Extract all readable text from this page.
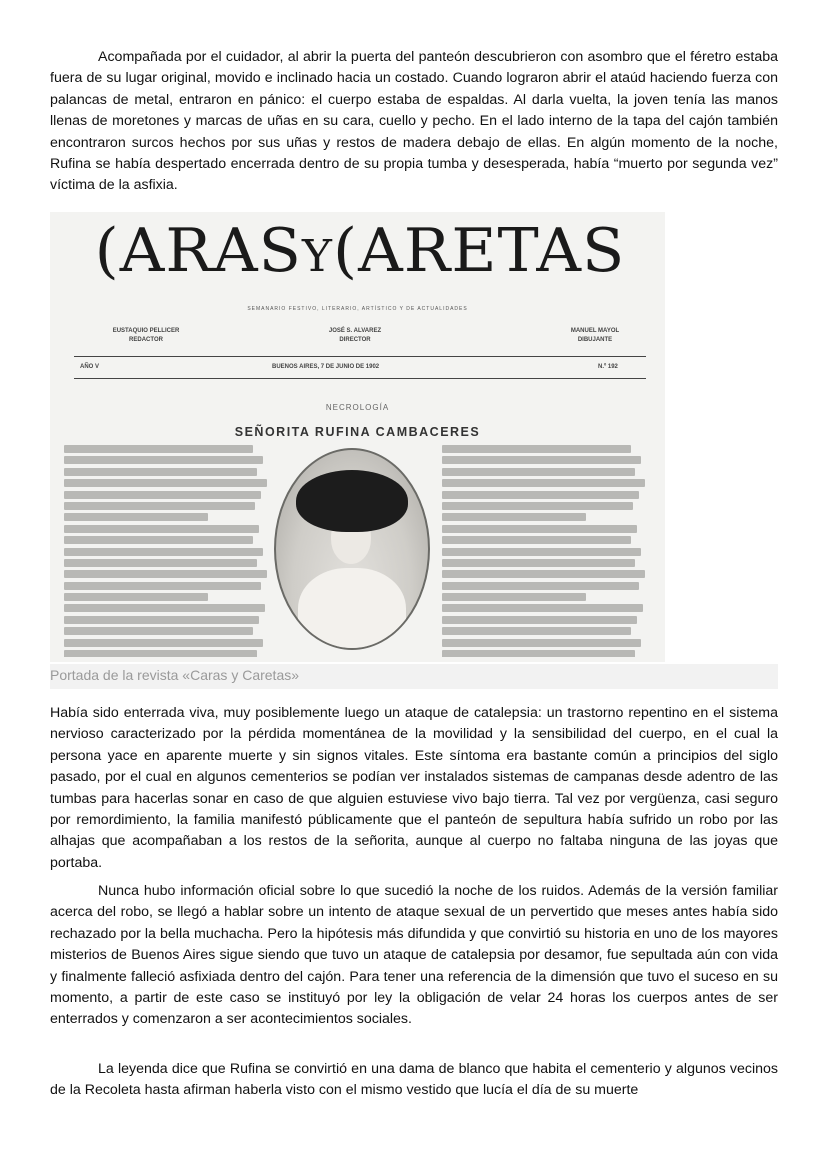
Acompañada por el cuidador, al abrir la puerta del panteón descubrieron con asombro que el féretro estaba fuera de su lugar original, movido e inclinado hacia un costado. Cuando lograron abrir el ataúd haciendo fuerza con palancas de metal, entraron en pánico: el cuerpo estaba de espaldas. Al darla vuelta, la joven tenía las manos llenas de moretones y marcas de uñas en su cara, cuello y pecho. En el lado interno de la tapa del cajón también encontraron surcos hechos por sus uñas y restos de madera debajo de ellas. En algún momento de la noche, Rufina se había despertado encerrada dentro de su propia tumba y desesperada, había “muerto por segunda vez” víctima de la asfixia.

(ARASY(ARETAS
SEMANARIO FESTIVO, LITERARIO, ARTÍSTICO Y DE ACTUALIDADES
EUSTAQUIO PELLICER
REDACTOR
JOSÉ S. ALVAREZ
DIRECTOR
MANUEL MAYOL
DIBUJANTE
AÑO V	BUENOS AIRES, 7 DE JUNIO DE 1902	N.º 192
NECROLOGÍA
SEÑORITA RUFINA CAMBACERES
Portada de la revista «Caras y Caretas»

Había sido enterrada viva, muy posiblemente luego un ataque de catalepsia: un trastorno repentino en el sistema nervioso caracterizado por la pérdida momentánea de la movilidad y la sensibilidad del cuerpo, en el cual la persona yace en aparente muerte y sin signos vitales. Este síntoma era bastante común a principios del siglo pasado, por el cual en algunos cementerios se podían ver instalados sistemas de campanas desde adentro de las tumbas para hacerlas sonar en caso de que alguien estuviese vivo bajo tierra. Tal vez por vergüenza, casi seguro por remordimiento, la familia manifestó públicamente que el panteón de sepultura había sufrido un robo por las alhajas que acompañaban a los restos de la señorita, aunque al cuerpo no faltaba ninguna de las joyas que portaba.

Nunca hubo información oficial sobre lo que sucedió la noche de los ruidos. Además de la versión familiar acerca del robo, se llegó a hablar sobre un intento de ataque sexual de un pervertido que meses antes había sido rechazado por la bella muchacha. Pero la hipótesis más difundida y que convirtió su historia en uno de los mayores misterios de Buenos Aires sigue siendo que tuvo un ataque de catalepsia por desamor, fue sepultada aún con vida y finalmente falleció asfixiada dentro del cajón. Para tener una referencia de la dimensión que tuvo el suceso en su momento, a partir de este caso se instituyó por ley la obligación de velar 24 horas los cuerpos antes de ser enterrados y comenzaron a ser acontecimientos sociales.

La leyenda dice que Rufina se convirtió en una dama de blanco que habita el cementerio y algunos vecinos de la Recoleta hasta afirman haberla visto con el mismo vestido que lucía el día de su muerte
